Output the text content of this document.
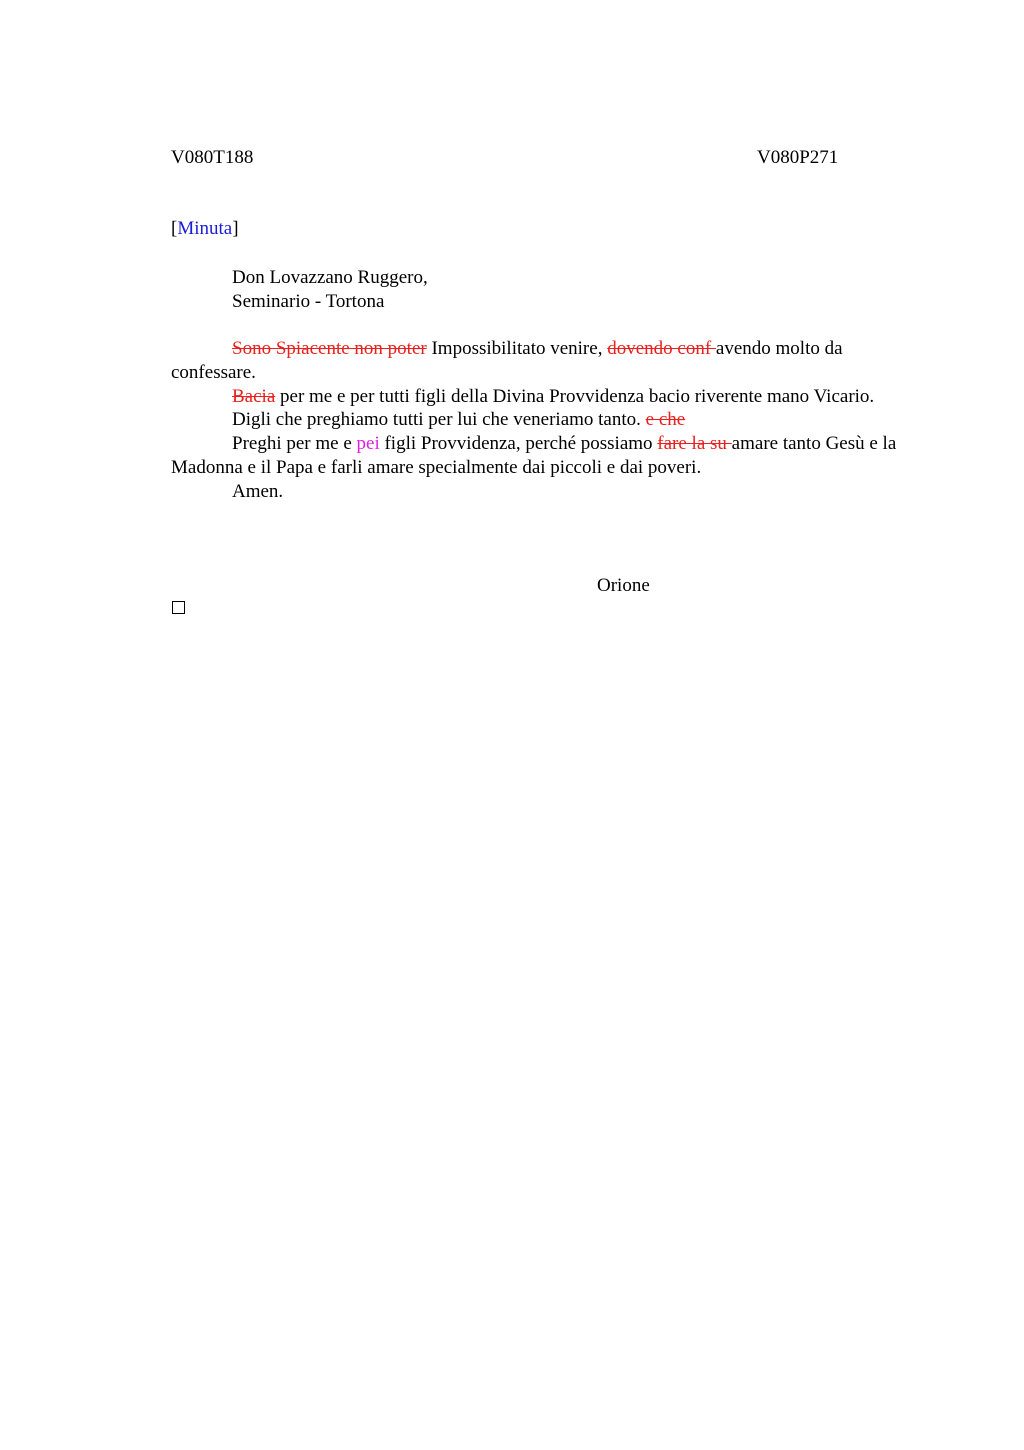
V080T188	V080P271
[Minuta]
Don Lovazzano Ruggero,
Seminario - Tortona

Sono Spiacente non poter Impossibilitato venire, dovendo conf avendo molto da confessare.

Bacia per me e per tutti figli della Divina Provvidenza bacio riverente mano Vicario.

Digli che preghiamo tutti per lui che veneriamo tanto. e che

Preghi per me e pei figli Provvidenza, perché possiamo fare la su amare tanto Gesù e la Madonna e il Papa e farli amare specialmente dai piccoli e dai poveri.

Amen.

Orione
